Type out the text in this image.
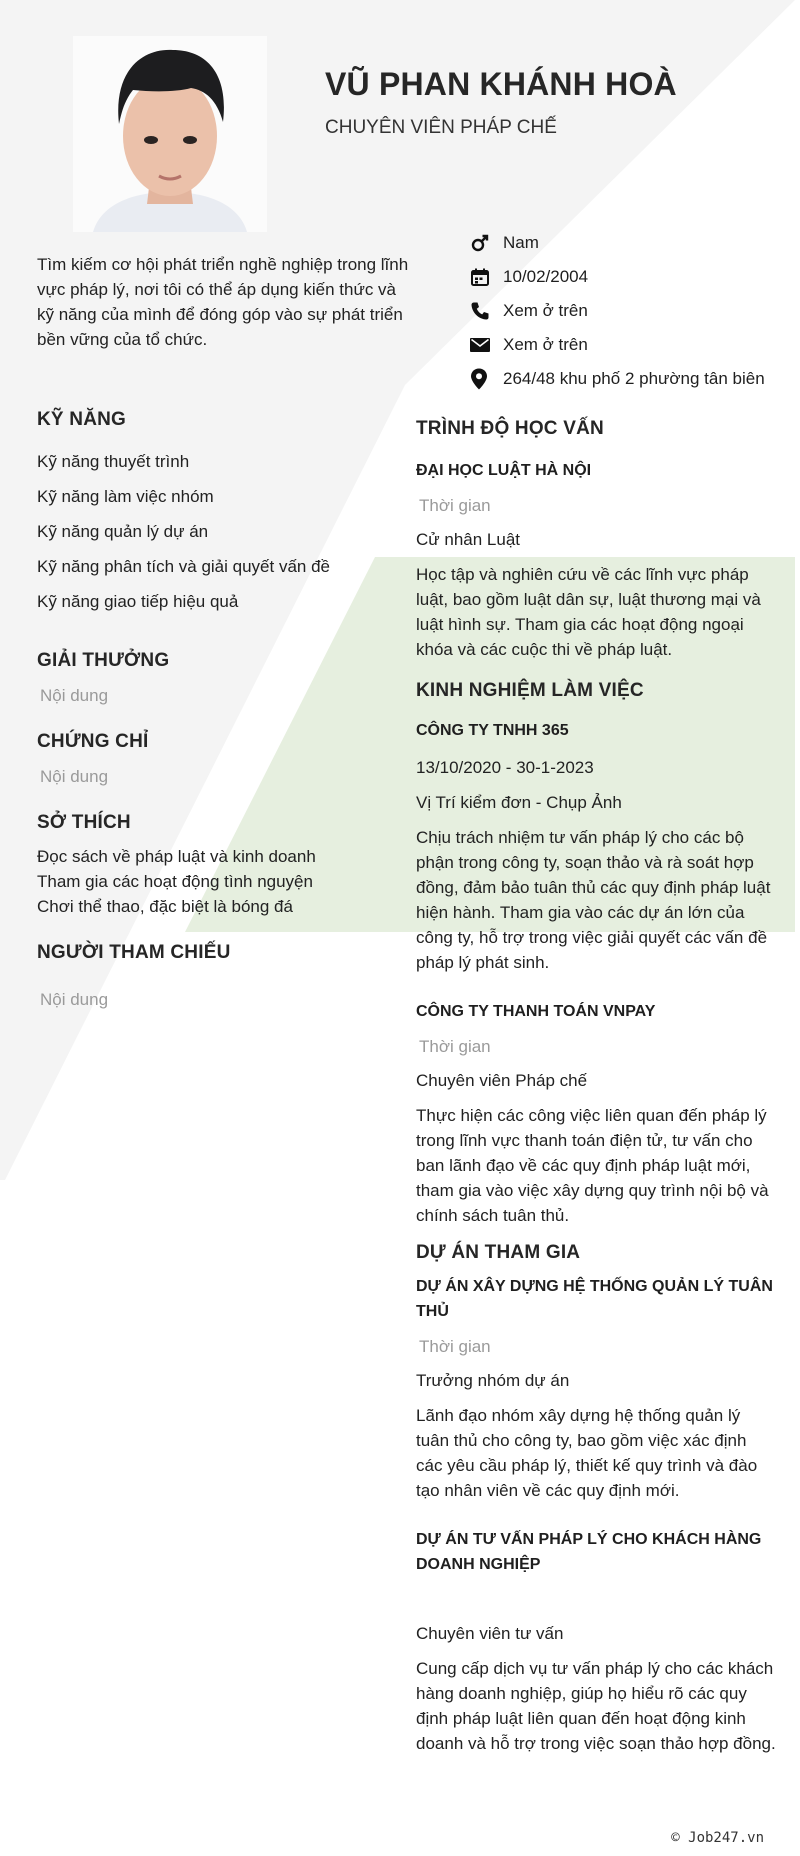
VŨ PHAN KHÁNH HOÀ
CHUYÊN VIÊN PHÁP CHẾ
Tìm kiếm cơ hội phát triển nghề nghiệp trong lĩnh vực pháp lý, nơi tôi có thể áp dụng kiến thức và kỹ năng của mình để đóng góp vào sự phát triển bền vững của tổ chức.
Nam
10/02/2004
Xem ở trên
Xem ở trên
264/48 khu phố 2 phường tân biên
KỸ NĂNG
Kỹ năng thuyết trình
Kỹ năng làm việc nhóm
Kỹ năng quản lý dự án
Kỹ năng phân tích và giải quyết vấn đề
Kỹ năng giao tiếp hiệu quả
GIẢI THƯỞNG
Nội dung
CHỨNG CHỈ
Nội dung
SỞ THÍCH
Đọc sách về pháp luật và kinh doanh
Tham gia các hoạt động tình nguyện
Chơi thể thao, đặc biệt là bóng đá
NGƯỜI THAM CHIẾU
Nội dung
TRÌNH ĐỘ HỌC VẤN
ĐẠI HỌC LUẬT HÀ NỘI
Thời gian
Cử nhân Luật
Học tập và nghiên cứu về các lĩnh vực pháp luật, bao gồm luật dân sự, luật thương mại và luật hình sự. Tham gia các hoạt động ngoại khóa và các cuộc thi về pháp luật.
KINH NGHIỆM LÀM VIỆC
CÔNG TY TNHH 365
13/10/2020 - 30-1-2023
Vị Trí kiểm đơn - Chụp Ảnh
Chịu trách nhiệm tư vấn pháp lý cho các bộ phận trong công ty, soạn thảo và rà soát hợp đồng, đảm bảo tuân thủ các quy định pháp luật hiện hành. Tham gia vào các dự án lớn của công ty, hỗ trợ trong việc giải quyết các vấn đề pháp lý phát sinh.
CÔNG TY THANH TOÁN VNPAY
Thời gian
Chuyên viên Pháp chế
Thực hiện các công việc liên quan đến pháp lý trong lĩnh vực thanh toán điện tử, tư vấn cho ban lãnh đạo về các quy định pháp luật mới, tham gia vào việc xây dựng quy trình nội bộ và chính sách tuân thủ.
DỰ ÁN THAM GIA
DỰ ÁN XÂY DỰNG HỆ THỐNG QUẢN LÝ TUÂN THỦ
Thời gian
Trưởng nhóm dự án
Lãnh đạo nhóm xây dựng hệ thống quản lý tuân thủ cho công ty, bao gồm việc xác định các yêu cầu pháp lý, thiết kế quy trình và đào tạo nhân viên về các quy định mới.
DỰ ÁN TƯ VẤN PHÁP LÝ CHO KHÁCH HÀNG DOANH NGHIỆP
Chuyên viên tư vấn
Cung cấp dịch vụ tư vấn pháp lý cho các khách hàng doanh nghiệp, giúp họ hiểu rõ các quy định pháp luật liên quan đến hoạt động kinh doanh và hỗ trợ trong việc soạn thảo hợp đồng.
© Job247.vn
